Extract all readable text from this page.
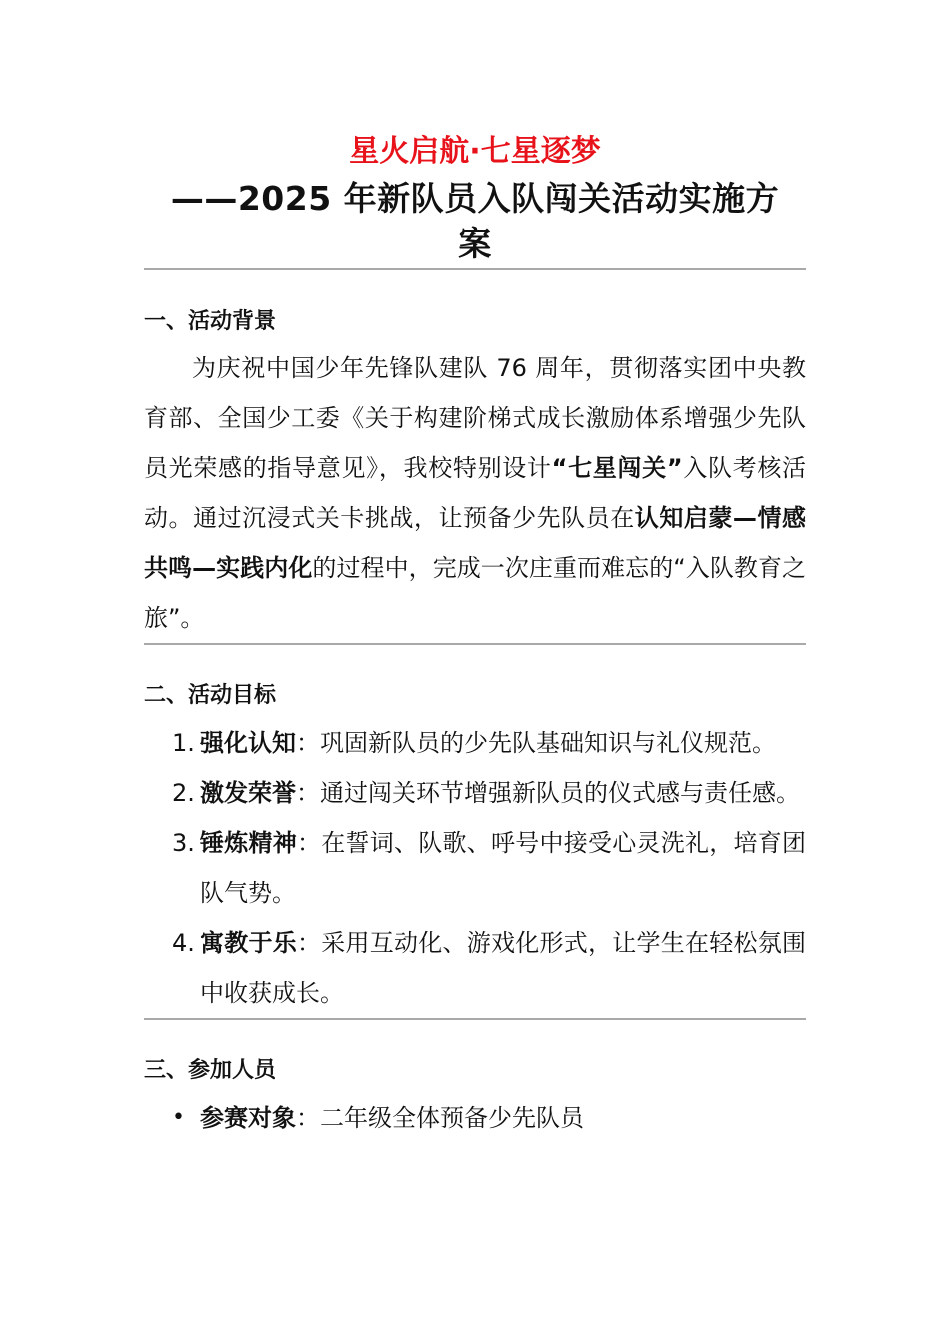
星火启航·七星逐梦

——2025 年新队员入队闯关活动实施方
案

一、活动背景

为庆祝中国少年先锋队建队 76 周年，贯彻落实团中央教育部、全国少工委《关于构建阶梯式成长激励体系增强少先队员光荣感的指导意见》，我校特别设计“七星闯关”入队考核活动。通过沉浸式关卡挑战，让预备少先队员在认知启蒙—情感共鸣—实践内化的过程中，完成一次庄重而难忘的“入队教育之旅”。

二、活动目标
1. 强化认知：巩固新队员的少先队基础知识与礼仪规范。
2. 激发荣誉：通过闯关环节增强新队员的仪式感与责任感。
3. 锤炼精神：在誓词、队歌、呼号中接受心灵洗礼，培育团队气势。
4. 寓教于乐：采用互动化、游戏化形式，让学生在轻松氛围中收获成长。
三、参加人员
• 参赛对象：二年级全体预备少先队员
